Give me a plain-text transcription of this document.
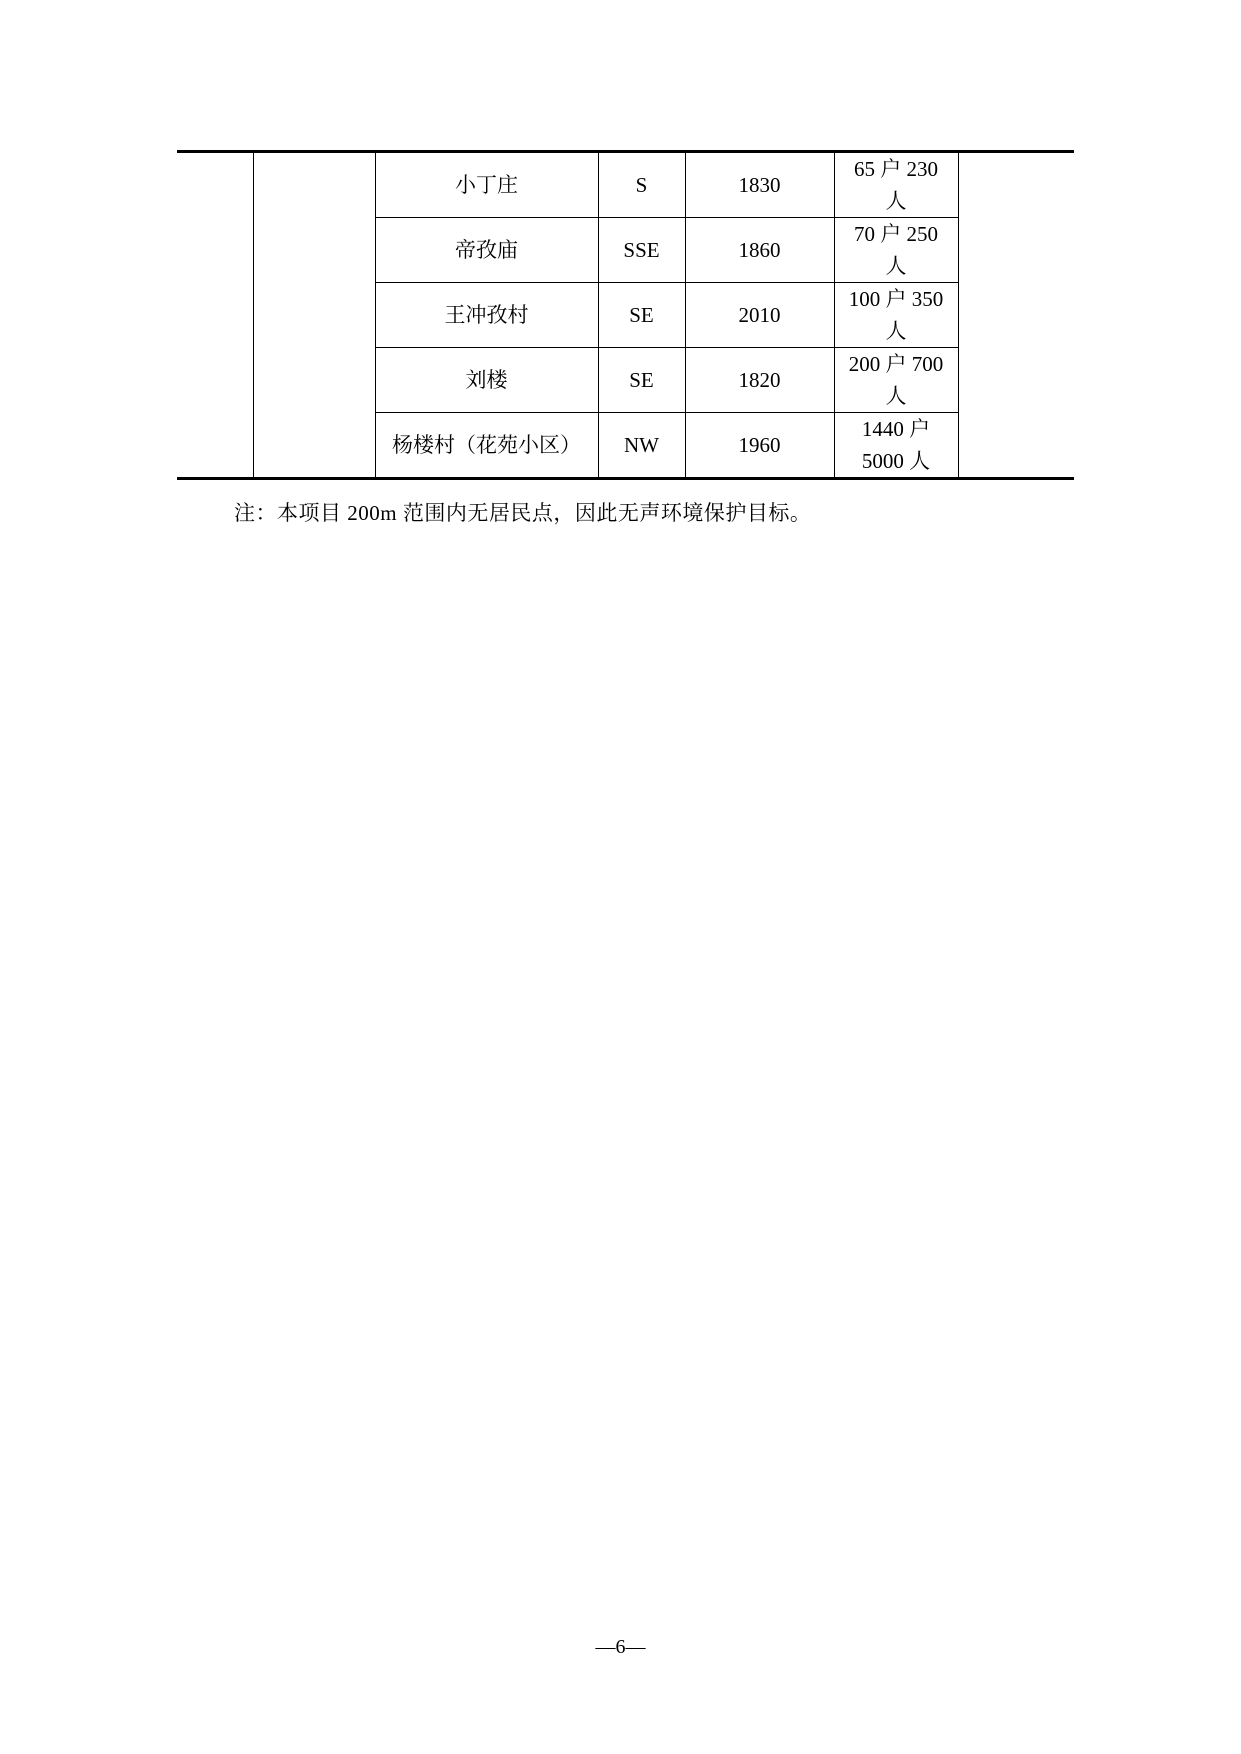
		小丁庄	S	1830	65 户 230
人	

		帝孜庙	SSE	1860	70 户 250
人	

		王冲孜村	SE	2010	100 户 350
人	

		刘楼	SE	1820	200 户 700
人	

		杨楼村（花苑小区）	NW	1960	1440 户
5000 人	
注：本项目 200m 范围内无居民点，因此无声环境保护目标。
—6—
